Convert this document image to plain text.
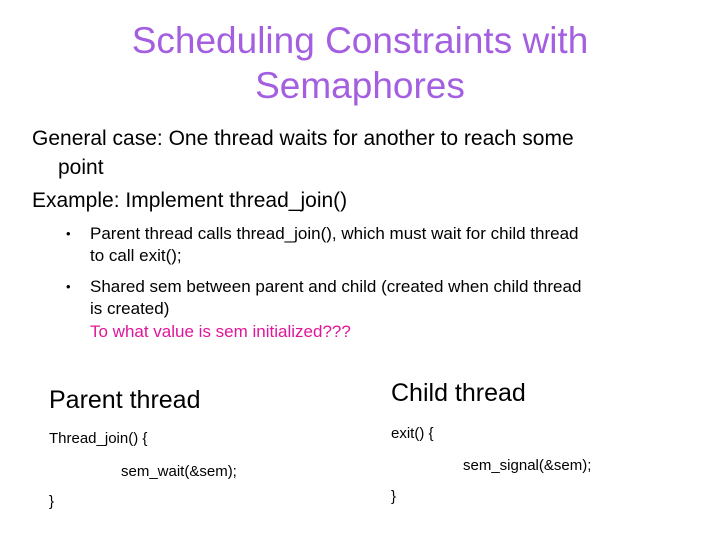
Scheduling Constraints with
Semaphores
General case: One thread waits for another to reach some
point
Example: Implement thread_join()
• Parent thread calls thread_join(), which must wait for child thread
to call exit();
• Shared sem between parent and child (created when child thread
is created)
To what value is sem initialized???
Parent thread	Child thread
Thread_join() {
sem_wait(&sem);
}
exit() {
sem_signal(&sem);
}
